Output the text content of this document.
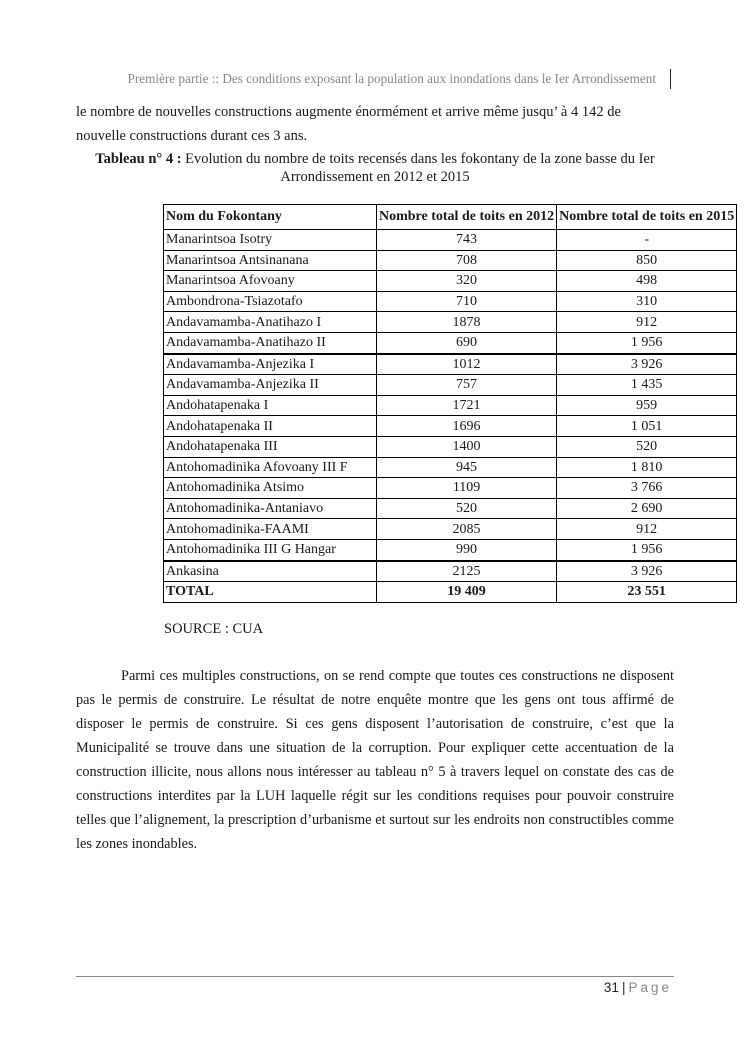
Première partie :: Des conditions exposant la population aux inondations dans le Ier Arrondissement

le nombre de nouvelles constructions augmente énormément et arrive même jusqu’ à 4 142 de nouvelle constructions durant ces 3 ans.

Tableau n° 4 : Evolution du nombre de toits recensés dans les fokontany de la zone basse du Ier Arrondissement en 2012 et 2015
Nom du Fokontany	Nombre total de toits en 2012	Nombre total de toits en 2015
Manarintsoa Isotry	743	-
Manarintsoa Antsinanana	708	850
Manarintsoa Afovoany	320	498
Ambondrona-Tsiazotafo	710	310
Andavamamba-Anatihazo I	1878	912
Andavamamba-Anatihazo II	690	1 956
Andavamamba-Anjezika I	1012	3 926
Andavamamba-Anjezika II	757	1 435
Andohatapenaka I	1721	959
Andohatapenaka II	1696	1 051
Andohatapenaka III	1400	520
Antohomadinika Afovoany III F	945	1 810
Antohomadinika Atsimo	1109	3 766
Antohomadinika-Antaniavo	520	2 690
Antohomadinika-FAAMI	2085	912
Antohomadinika III G Hangar	990	1 956
Ankasina	2125	3 926
TOTAL	19 409	23 551
SOURCE : CUA

Parmi ces multiples constructions, on se rend compte que toutes ces constructions ne disposent pas le permis de construire. Le résultat de notre enquête montre que les gens ont tous affirmé de disposer le permis de construire. Si ces gens disposent l’autorisation de construire, c’est que la Municipalité se trouve dans une situation de la corruption. Pour expliquer cette accentuation de la construction illicite, nous allons nous intéresser au tableau n° 5 à travers lequel on constate des cas de constructions interdites par la LUH laquelle régit sur les conditions requises pour pouvoir construire telles que l’alignement, la prescription d’urbanisme et surtout sur les endroits non constructibles comme les zones inondables.

31 | Page
